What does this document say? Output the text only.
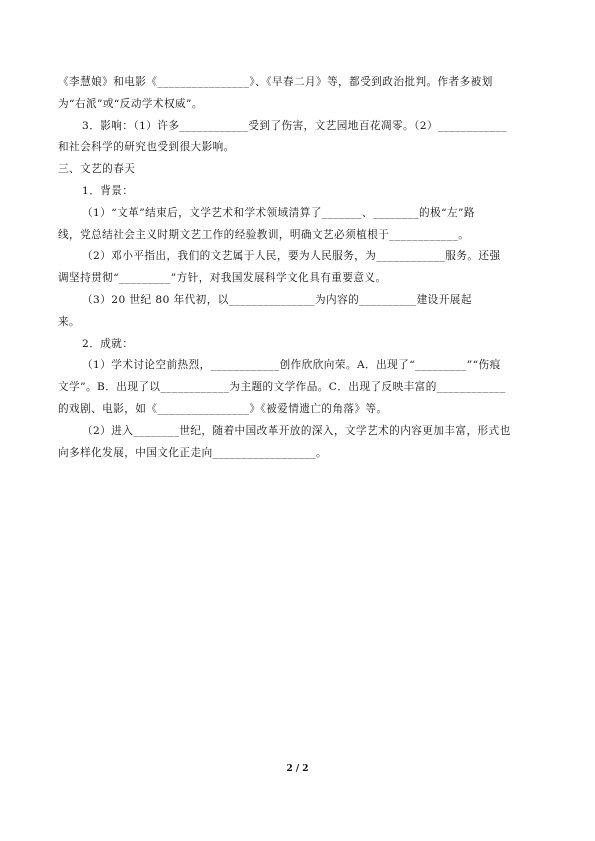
《李慧娘》和电影《________________》、《早春二月》等，都受到政治批判。作者多被划
为“右派”或“反动学术权威”。
3．影响：（1）许多____________受到了伤害，文艺园地百花凋零。（2）____________
和社会科学的研究也受到很大影响。
三、文艺的春天
1．背景：
（1）“文革”结束后，文学艺术和学术领域清算了_______、________的极“左”路
线，党总结社会主义时期文艺工作的经验教训，明确文艺必须植根于____________。
（2）邓小平指出，我们的文艺属于人民，要为人民服务，为____________服务。还强
调坚持贯彻“_________”方针，对我国发展科学文化具有重要意义。
（3）20 世纪 80 年代初，以_______________为内容的__________建设开展起
来。
2．成就：
（1）学术讨论空前热烈，____________创作欣欣向荣。A．出现了“_________”“伤痕
文学”。B．出现了以____________为主题的文学作品。C．出现了反映丰富的____________
的戏剧、电影，如《________________》《被爱情遗亡的角落》等。
（2）进入________世纪，随着中国改革开放的深入，文学艺术的内容更加丰富，形式也
向多样化发展，中国文化正走向__________________。
2 / 2
